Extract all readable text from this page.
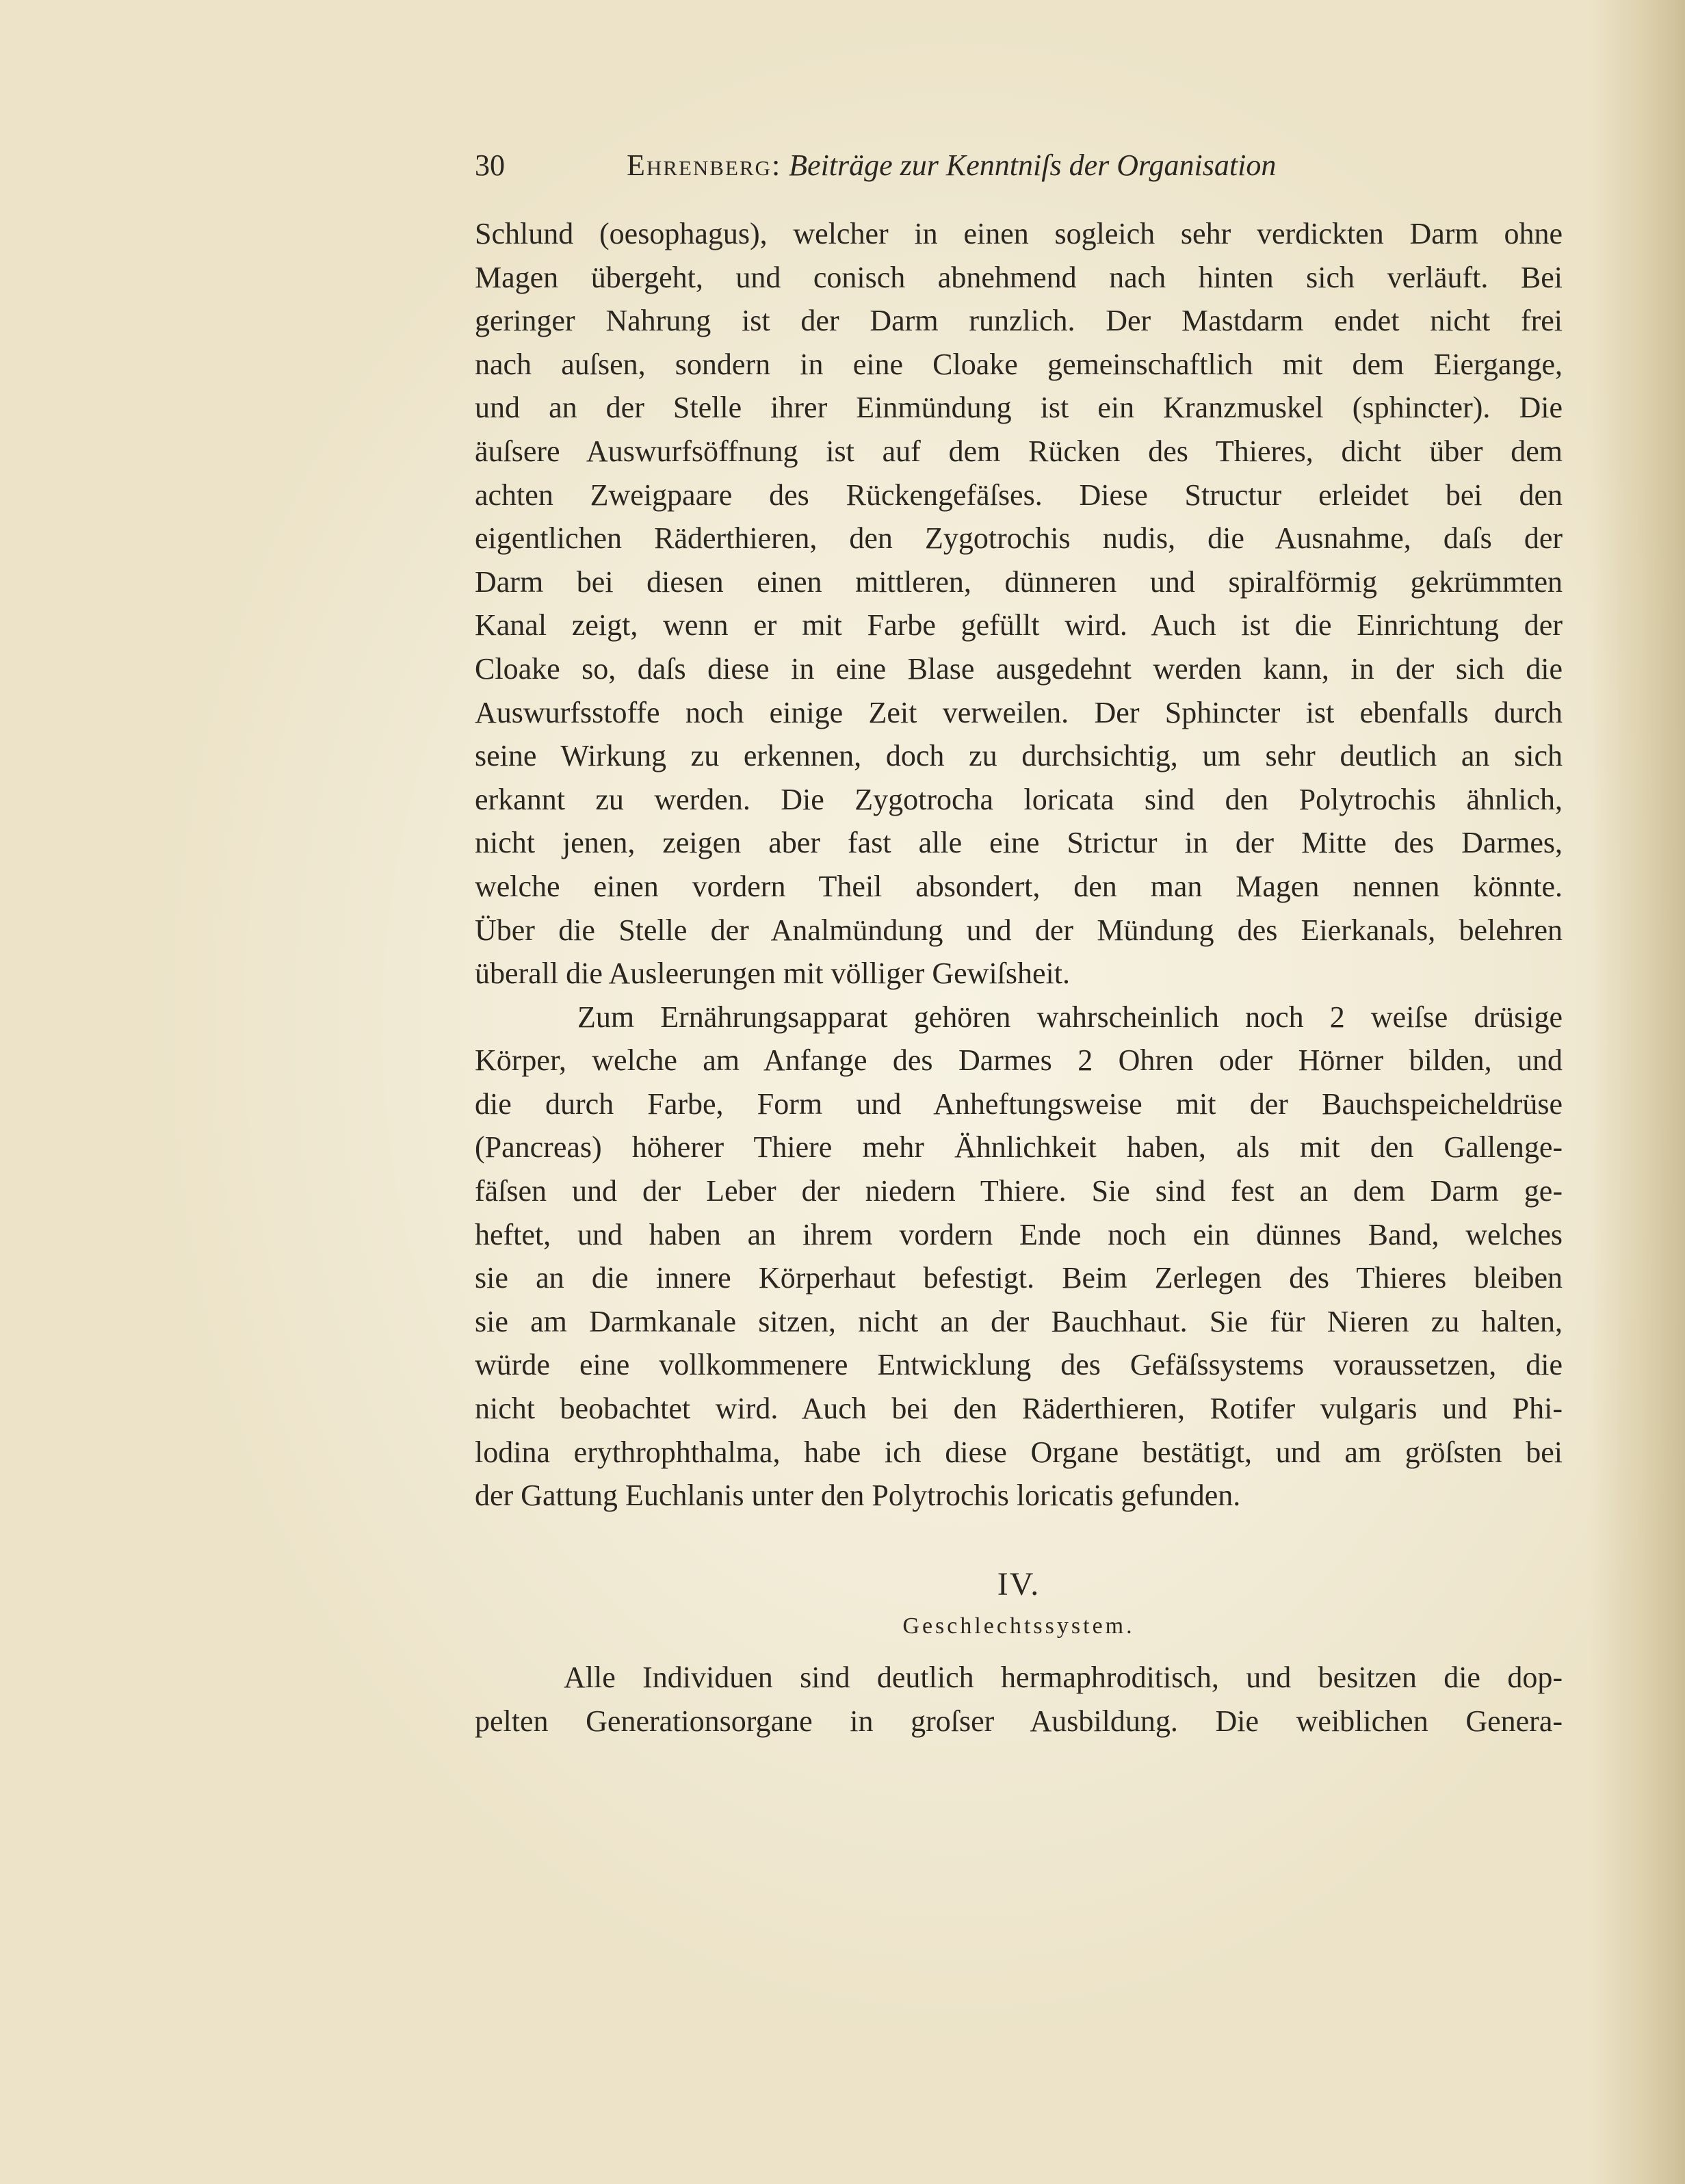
30	Ehrenberg: Beiträge zur Kenntniſs der Organisation
Schlund (oesophagus), welcher in einen sogleich sehr verdickten Darm ohne
Magen übergeht, und conisch abnehmend nach hinten sich verläuft. Bei
geringer Nahrung ist der Darm runzlich. Der Mastdarm endet nicht frei
nach auſsen, sondern in eine Cloake gemeinschaftlich mit dem Eiergange,
und an der Stelle ihrer Einmündung ist ein Kranzmuskel (sphincter). Die
äuſsere Auswurfsöffnung ist auf dem Rücken des Thieres, dicht über dem
achten Zweigpaare des Rückengefäſses. Diese Structur erleidet bei den
eigentlichen Räderthieren, den Zygotrochis nudis, die Ausnahme, daſs der
Darm bei diesen einen mittleren, dünneren und spiralförmig gekrümmten
Kanal zeigt, wenn er mit Farbe gefüllt wird. Auch ist die Einrichtung der
Cloake so, daſs diese in eine Blase ausgedehnt werden kann, in der sich die
Auswurfsstoffe noch einige Zeit verweilen. Der Sphincter ist ebenfalls durch
seine Wirkung zu erkennen, doch zu durchsichtig, um sehr deutlich an sich
erkannt zu werden. Die Zygotrocha loricata sind den Polytrochis ähnlich,
nicht jenen, zeigen aber fast alle eine Strictur in der Mitte des Darmes,
welche einen vordern Theil absondert, den man Magen nennen könnte.
Über die Stelle der Analmündung und der Mündung des Eierkanals, belehren
überall die Ausleerungen mit völliger Gewiſsheit.
Zum Ernährungsapparat gehören wahrscheinlich noch 2 weiſse drüsige
Körper, welche am Anfange des Darmes 2 Ohren oder Hörner bilden, und
die durch Farbe, Form und Anheftungsweise mit der Bauchspeicheldrüse
(Pancreas) höherer Thiere mehr Ähnlichkeit haben, als mit den Gallenge-
fäſsen und der Leber der niedern Thiere. Sie sind fest an dem Darm ge-
heftet, und haben an ihrem vordern Ende noch ein dünnes Band, welches
sie an die innere Körperhaut befestigt. Beim Zerlegen des Thieres bleiben
sie am Darmkanale sitzen, nicht an der Bauchhaut. Sie für Nieren zu halten,
würde eine vollkommenere Entwicklung des Gefäſssystems voraussetzen, die
nicht beobachtet wird. Auch bei den Räderthieren, Rotifer vulgaris und Phi-
lodina erythrophthalma, habe ich diese Organe bestätigt, und am gröſsten bei
der Gattung Euchlanis unter den Polytrochis loricatis gefunden.
IV.
Geschlechtssystem.
Alle Individuen sind deutlich hermaphroditisch, und besitzen die dop-
pelten Generationsorgane in groſser Ausbildung. Die weiblichen Genera-
